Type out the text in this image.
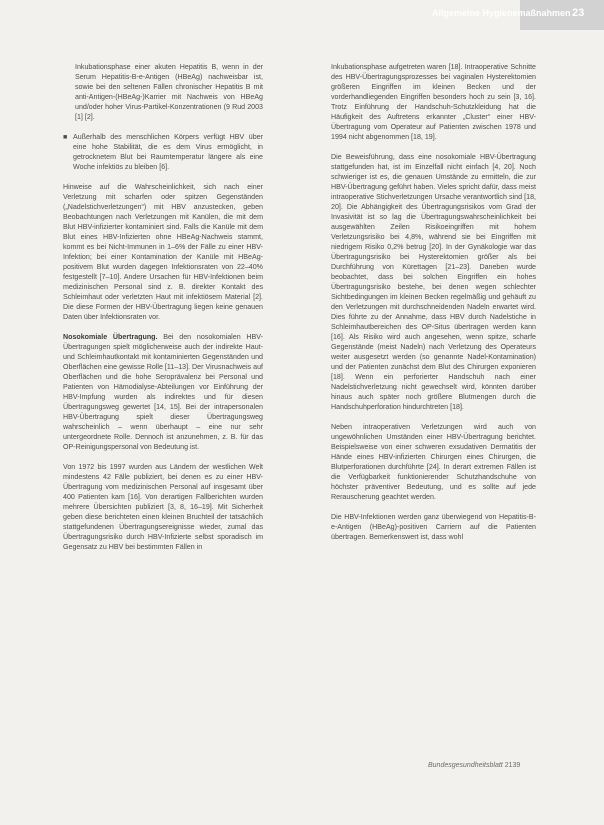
Allgemeine Hygienemaßnahmen 23

Inkubationsphase einer akuten Hepatitis B, wenn in der Serum Hepatitis-B-e-Antigen (HBeAg) nachweisbar ist, sowie bei den seltenen Fällen chronischer Hepatitis B mit anti-Antigen-(HBeAg-)Karrier mit Nachweis von HBeAg und/oder hoher Virus-Partikel-Konzentrationen (9 Rud 2003 [1] [2].

■ Außerhalb des menschlichen Körpers verfügt HBV über eine hohe Stabilität, die es dem Virus ermöglicht, in getrocknetem Blut bei Raumtemperatur längere als eine Woche infektiös zu bleiben [6].

Hinweise auf die Wahrscheinlichkeit, sich nach einer Verletzung mit scharfen oder spitzen Gegenständen („Nadelstichverletzungen“) mit HBV anzustecken, geben Beobachtungen nach Verletzungen mit Kanülen, die mit dem Blut HBV-infizierter kontaminiert sind. Falls die Kanüle mit dem Blut eines HBV-Infizierten ohne HBeAg-Nachweis stammt, kommt es bei Nicht-Immunen in 1–6% der Fälle zu einer HBV-Infektion; bei einer Kontamination der Kanüle mit HBeAg-positivem Blut wurden dagegen Infektionsraten von 22–40% festgestellt [7–10]. Andere Ursachen für HBV-Infektionen beim medizinischen Personal sind z. B. direkter Kontakt des Schleimhaut oder verletzten Haut mit infektiösem Material [2]. Die diese Formen der HBV-Übertragung liegen keine genauen Daten über Infektionsraten vor.

Nosokomiale Übertragung. Bei den nosokomialen HBV-Übertragungen spielt möglicherweise auch der indirekte Haut- und Schleimhautkontakt mit kontaminierten Gegenständen und Oberflächen eine gewisse Rolle [11–13]. Der Virusnachweis auf Oberflächen und die hohe Seroprävalenz bei Personal und Patienten von Hämodialyse-Abteilungen vor Einführung der HBV-Impfung wurden als indirektes und für diesen Übertragungsweg gewertet [14, 15]. Bei der intrapersonalen HBV-Übertragung spielt dieser Übertragungsweg wahrscheinlich – wenn überhaupt – eine nur sehr untergeordnete Rolle. Dennoch ist anzunehmen, z. B. für das OP-Reinigungspersonal von Bedeutung ist.

Von 1972 bis 1997 wurden aus Ländern der westlichen Welt mindestens 42 Fälle publiziert, bei denen es zu einer HBV-Übertragung vom medizinischen Personal auf insgesamt über 400 Patienten kam [16]. Von derartigen Fallberichten wurden mehrere Übersichten publiziert [3, 8, 16–19]. Mit Sicherheit geben diese berichteten einen kleinen Bruchteil der tatsächlich stattgefundenen Übertragungsereignisse wieder, zumal das Übertragungsrisiko durch HBV-Infizierte selbst sporadisch im Gegensatz zu HBV bei bestimmten Fällen in

Inkubationsphase aufgetreten waren [18]. Intraoperative Schnitte des HBV-Übertragungsprozesses bei vaginalen Hysterektomien größeren Eingriffen im kleinen Becken und der vorderhandliegenden Eingriffen besonders hoch zu sein [3, 16]. Trotz Einführung der Handschuh-Schutzkleidung hat die Häufigkeit des Auftretens erkannter „Cluster“ einer HBV-Übertragung vom Operateur auf Patienten zwischen 1978 und 1994 nicht abgenommen [18, 19].

Die Beweisführung, dass eine nosokomiale HBV-Übertragung stattgefunden hat, ist im Einzelfall nicht einfach [4, 20]. Noch schwieriger ist es, die genauen Umstände zu ermitteln, die zur HBV-Übertragung geführt haben. Vieles spricht dafür, dass meist intraoperative Stichverletzungen Ursache verantwortlich sind [18, 20]. Die Abhängigkeit des Übertragungsrisikos vom Grad der Invasivität ist so lag die Übertragungswahrscheinlichkeit bei ausgewählten Zeilen Risikoeingriffen mit hohem Verletzungsrisiko bei 4,8%, während sie bei Eingriffen mit niedrigem Risiko 0,2% betrug [20]. In der Gynäkologie war das Übertragungsrisiko bei Hysterektomien größer als bei Durchführung von Kürettagen [21–23]. Daneben wurde beobachtet, dass bei solchen Eingriffen ein hohes Übertragungsrisiko bestehe, bei denen wegen schlechter Sichtbedingungen im kleinen Becken regelmäßig und gehäuft zu den Verletzungen mit durchschneidenden Nadeln erwartet wird. Dies führte zu der Annahme, dass HBV durch Nadelstiche in Schleimhautbereichen des OP-Situs übertragen werden kann [16]. Als Risiko wird auch angesehen, wenn spitze, scharfe Gegenstände (meist Nadeln) nach Verletzung des Operateurs weiter ausgesetzt werden (so genannte Nadel-Kontamination) und der Patienten zunächst dem Blut des Chirurgen exponieren [18]. Wenn ein perforierter Handschuh nach einer Nadelstichverletzung nicht gewechselt wird, könnten darüber hinaus auch später noch größere Blutmengen durch die Handschuhperforation hindurchtreten [18].

Neben intraoperativen Verletzungen wird auch von ungewöhnlichen Umständen einer HBV-Übertragung berichtet. Beispielsweise von einer schweren exsudativen Dermatitis der Hände eines HBV-infizierten Chirurgen eines Chirurgen, die Blutperforationen durchführte [24]. In derart extremen Fällen ist die Verfügbarkeit funktionierender Schutzhandschuhe von höchster präventiver Bedeutung, und es sollte auf jede Rerauscherung geachtet werden.

Die HBV-Infektionen werden ganz überwiegend von Hepatitis-B-e-Antigen (HBeAg)-positiven Carriern auf die Patienten übertragen. Bemerkenswert ist, dass wohl

Bundesgesundheitsblatt 2139
